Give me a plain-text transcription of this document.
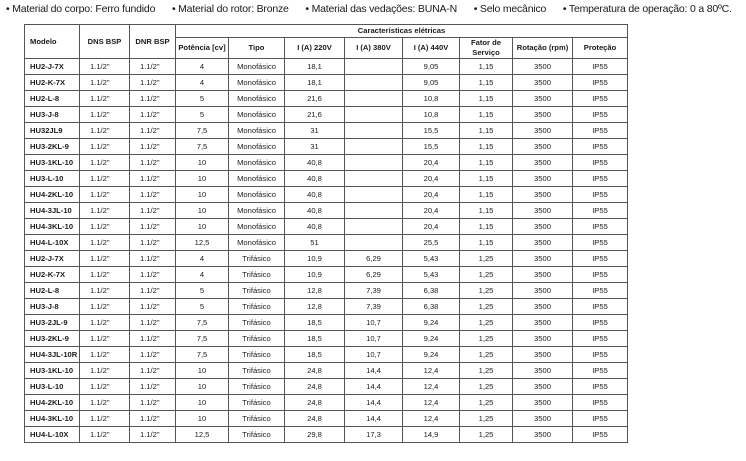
• Material do corpo: Ferro fundido • Material do rotor: Bronze • Material das vedações: BUNA-N • Selo mecânico • Temperatura de operação: 0 a 80ºC.
Modelo	DNS BSP	DNR BSP	Características elétricas							
			Potência [cv]	Tipo	I (A) 220V	I (A) 380V	I (A) 440V	Fator de Serviço	Rotação (rpm)	Proteção
HU2-J-7X	1.1/2"	1.1/2"	4	Monofásico	18,1		9,05	1,15	3500	IP55
HU2-K-7X	1.1/2"	1.1/2"	4	Monofásico	18,1		9,05	1,15	3500	IP55
HU2-L-8	1.1/2"	1.1/2"	5	Monofásico	21,6		10,8	1,15	3500	IP55
HU3-J-8	1.1/2"	1.1/2"	5	Monofásico	21,6		10,8	1,15	3500	IP55
HU32JL9	1.1/2"	1.1/2"	7,5	Monofásico	31		15,5	1,15	3500	IP55
HU3-2KL-9	1.1/2"	1.1/2"	7,5	Monofásico	31		15,5	1,15	3500	IP55
HU3-1KL-10	1.1/2"	1.1/2"	10	Monofásico	40,8		20,4	1,15	3500	IP55
HU3-L-10	1.1/2"	1.1/2"	10	Monofásico	40,8		20,4	1,15	3500	IP55
HU4-2KL-10	1.1/2"	1.1/2"	10	Monofásico	40,8		20,4	1,15	3500	IP55
HU4-3JL-10	1.1/2"	1.1/2"	10	Monofásico	40,8		20,4	1,15	3500	IP55
HU4-3KL-10	1.1/2"	1.1/2"	10	Monofásico	40,8		20,4	1,15	3500	IP55
HU4-L-10X	1.1/2"	1.1/2"	12,5	Monofásico	51		25,5	1,15	3500	IP55
HU2-J-7X	1.1/2"	1.1/2"	4	Trifásico	10,9	6,29	5,43	1,25	3500	IP55
HU2-K-7X	1.1/2"	1.1/2"	4	Trifásico	10,9	6,29	5,43	1,25	3500	IP55
HU2-L-8	1.1/2"	1.1/2"	5	Trifásico	12,8	7,39	6,38	1,25	3500	IP55
HU3-J-8	1.1/2"	1.1/2"	5	Trifásico	12,8	7,39	6,38	1,25	3500	IP55
HU3-2JL-9	1.1/2"	1.1/2"	7,5	Trifásico	18,5	10,7	9,24	1,25	3500	IP55
HU3-2KL-9	1.1/2"	1.1/2"	7,5	Trifásico	18,5	10,7	9,24	1,25	3500	IP55
HU4-3JL-10R	1.1/2"	1.1/2"	7,5	Trifásico	18,5	10,7	9,24	1,25	3500	IP55
HU3-1KL-10	1.1/2"	1.1/2"	10	Trifásico	24,8	14,4	12,4	1,25	3500	IP55
HU3-L-10	1.1/2"	1.1/2"	10	Trifásico	24,8	14,4	12,4	1,25	3500	IP55
HU4-2KL-10	1.1/2"	1.1/2"	10	Trifásico	24,8	14,4	12,4	1,25	3500	IP55
HU4-3KL-10	1.1/2"	1.1/2"	10	Trifásico	24,8	14,4	12,4	1,25	3500	IP55
HU4-L-10X	1.1/2"	1.1/2"	12,5	Trifásico	29,8	17,3	14,9	1,25	3500	IP55
